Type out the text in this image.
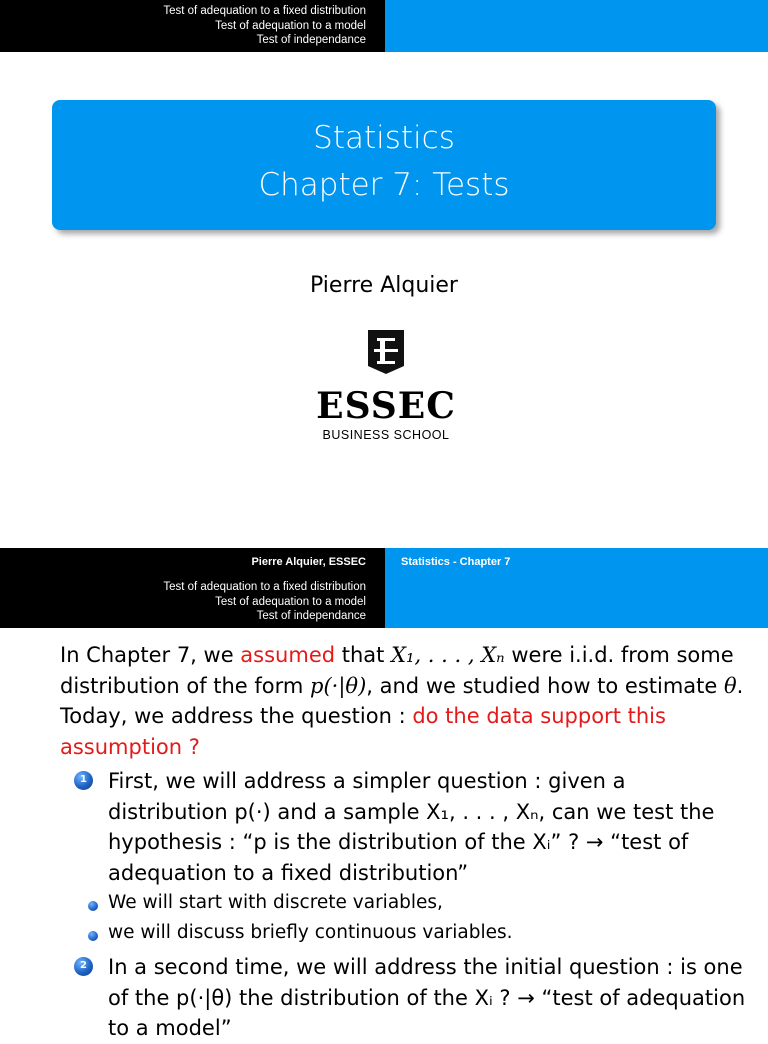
Test of adequation to a fixed distribution
Test of adequation to a model
Test of independance
Statistics
Chapter 7: Tests
Pierre Alquier
ESSEC
BUSINESS SCHOOL
Pierre Alquier, ESSEC	Statistics - Chapter 7
Test of adequation to a fixed distribution
Test of adequation to a model
Test of independance
In Chapter 7, we assumed that X₁, . . . , Xₙ were i.i.d. from some distribution of the form p(·|θ), and we studied how to estimate θ. Today, we address the question : do the data support this assumption ?
1 First, we will address a simpler question : given a distribution p(·) and a sample X₁, . . . , Xₙ, can we test the hypothesis : “p is the distribution of the Xᵢ” ? → “test of adequation to a fixed distribution”
We will start with discrete variables,
we will discuss briefly continuous variables.
2 In a second time, we will address the initial question : is one of the p(·|θ) the distribution of the Xᵢ ? → “test of adequation to a model”
